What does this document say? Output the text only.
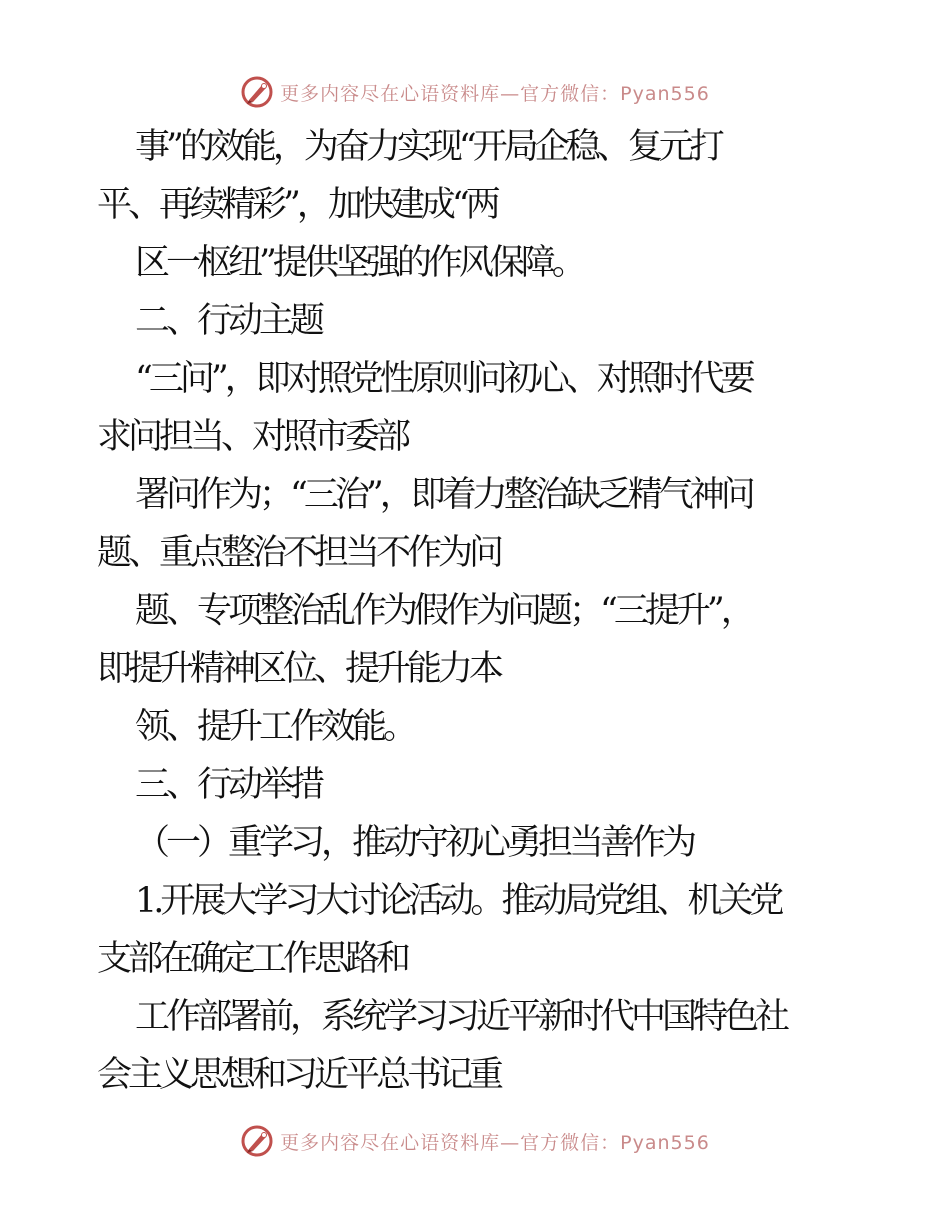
更多内容尽在心语资料库—官方微信：Pyan556
事”的效能，为奋力实现“开局企稳、复元打
平、再续精彩”，加快建成“两
区一枢纽”提供坚强的作风保障。
二、行动主题
“三问”，即对照党性原则问初心、对照时代要
求问担当、对照市委部
署问作为；“三治”，即着力整治缺乏精气神问
题、重点整治不担当不作为问
题、专项整治乱作为假作为问题；“三提升”，
即提升精神区位、提升能力本
领、提升工作效能。
三、行动举措
（一）重学习，推动守初心勇担当善作为
1.开展大学习大讨论活动。推动局党组、机关党
支部在确定工作思路和
工作部署前，系统学习习近平新时代中国特色社
会主义思想和习近平总书记重
更多内容尽在心语资料库—官方微信：Pyan556
